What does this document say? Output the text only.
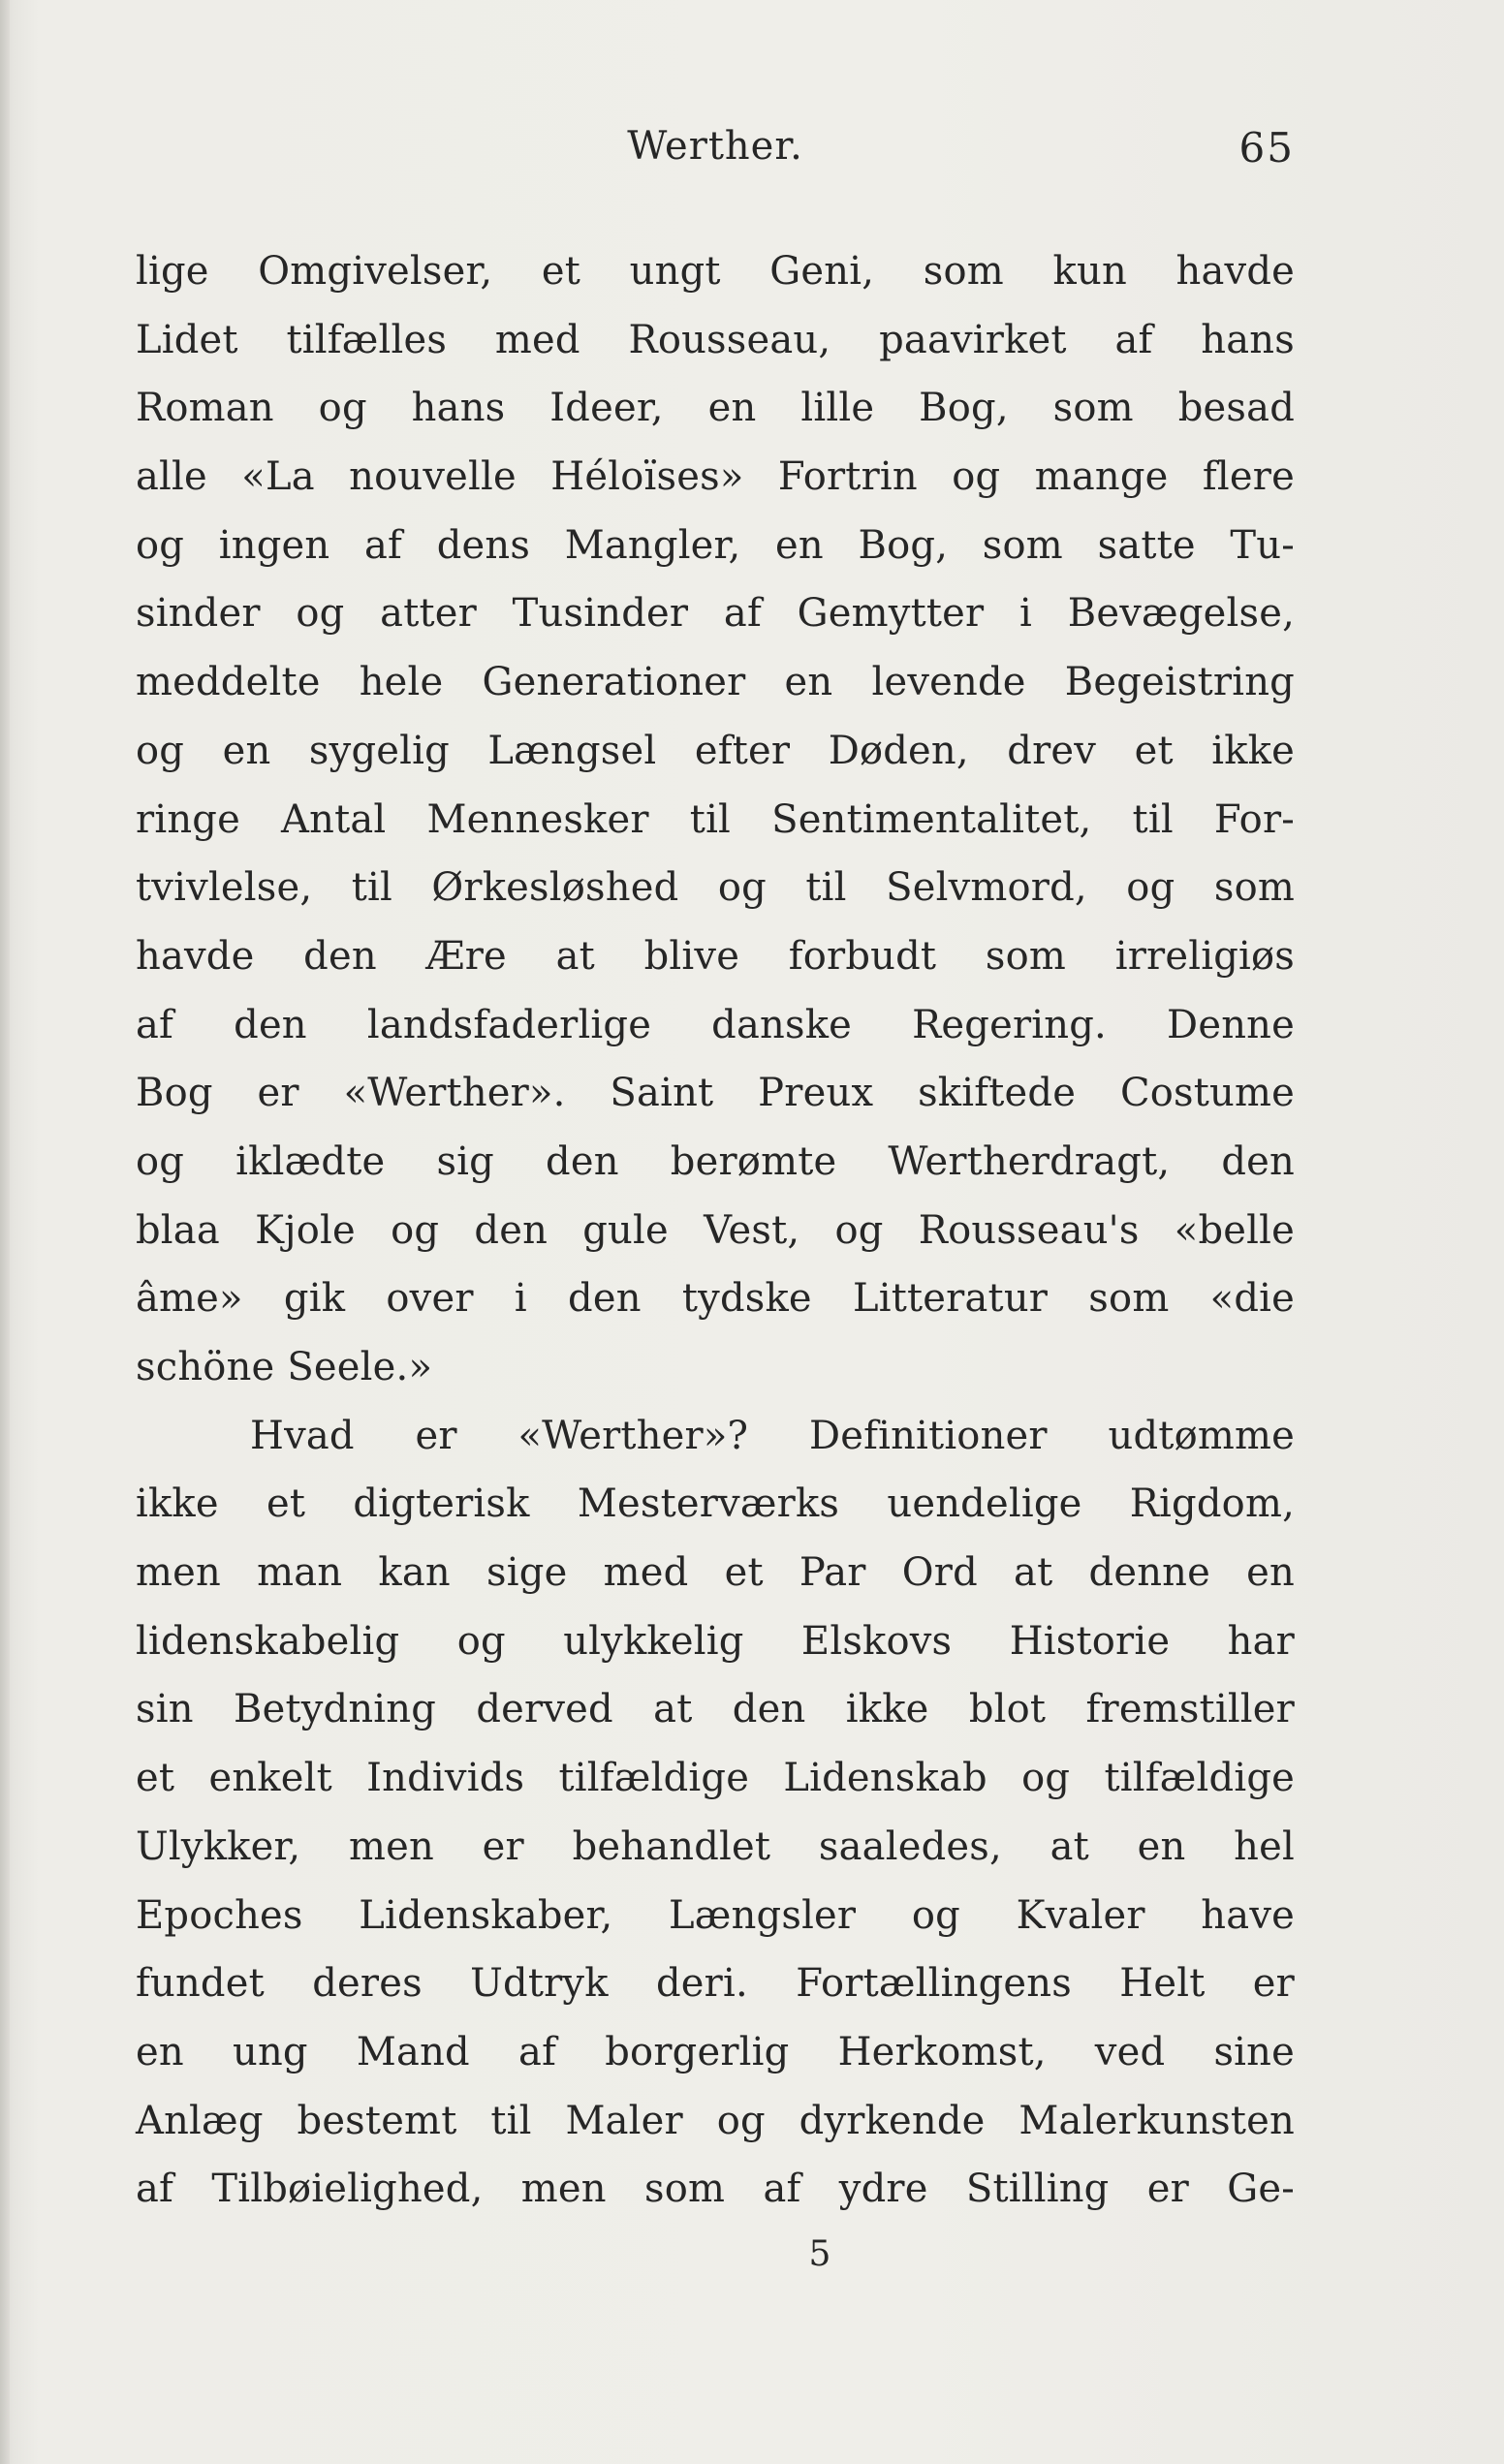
Werther.	65
lige Omgivelser, et ungt Geni, som kun havde
Lidet tilfælles med Rousseau, paavirket af hans
Roman og hans Ideer, en lille Bog, som besad
alle «La nouvelle Héloïses» Fortrin og mange flere
og ingen af dens Mangler, en Bog, som satte Tu-
sinder og atter Tusinder af Gemytter i Bevægelse,
meddelte hele Generationer en levende Begeistring
og en sygelig Længsel efter Døden, drev et ikke
ringe Antal Mennesker til Sentimentalitet, til For-
tvivlelse, til Ørkesløshed og til Selvmord, og som
havde den Ære at blive forbudt som irreligiøs
af den landsfaderlige danske Regering. Denne
Bog er «Werther». Saint Preux skiftede Costume
og iklædte sig den berømte Wertherdragt, den
blaa Kjole og den gule Vest, og Rousseau's «belle
âme» gik over i den tydske Litteratur som «die
schöne Seele.»
Hvad er «Werther»? Definitioner udtømme
ikke et digterisk Mesterværks uendelige Rigdom,
men man kan sige med et Par Ord at denne en
lidenskabelig og ulykkelig Elskovs Historie har
sin Betydning derved at den ikke blot fremstiller
et enkelt Individs tilfældige Lidenskab og tilfældige
Ulykker, men er behandlet saaledes, at en hel
Epoches Lidenskaber, Længsler og Kvaler have
fundet deres Udtryk deri. Fortællingens Helt er
en ung Mand af borgerlig Herkomst, ved sine
Anlæg bestemt til Maler og dyrkende Malerkunsten
af Tilbøielighed, men som af ydre Stilling er Ge-
5
